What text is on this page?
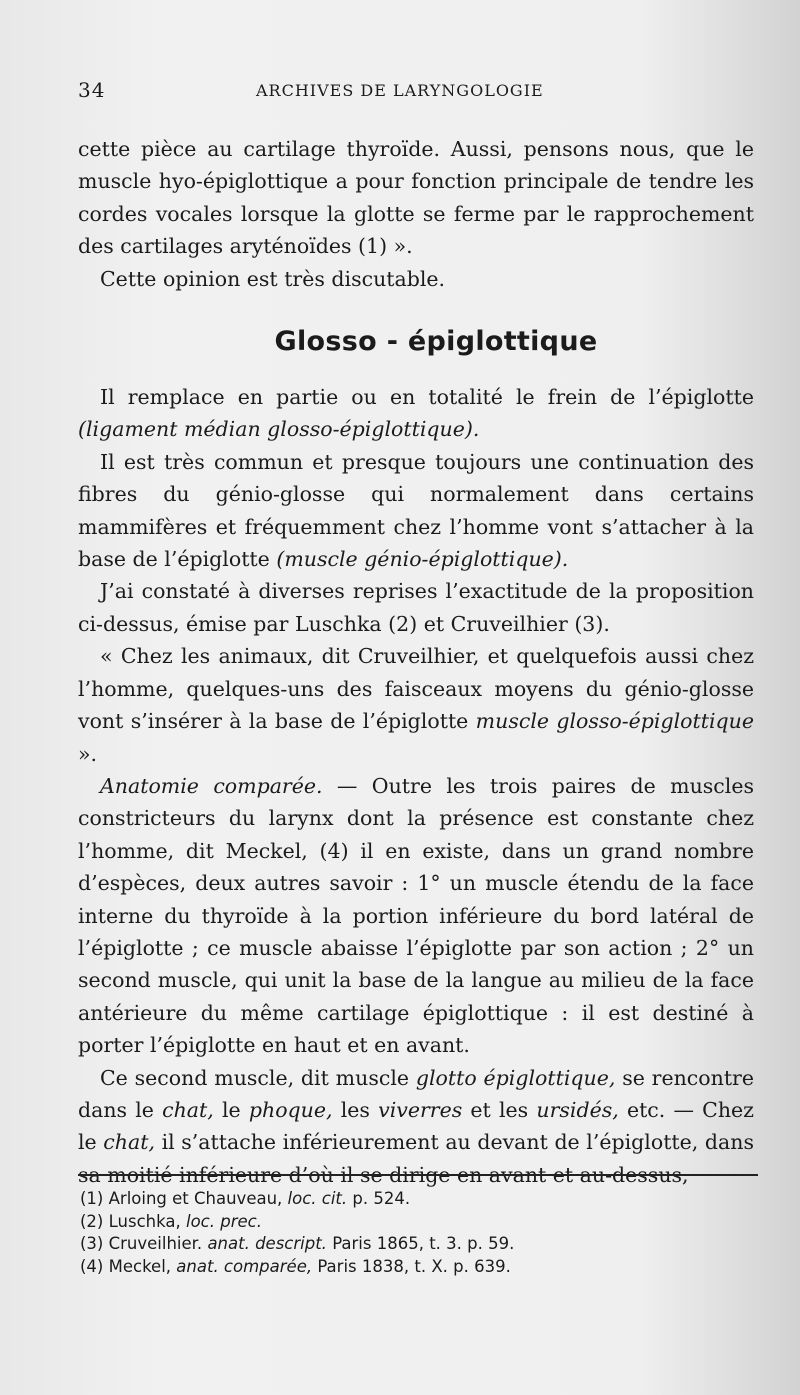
34	ARCHIVES DE LARYNGOLOGIE

cette pièce au cartilage thyroïde. Aussi, pensons nous, que le muscle hyo-épiglottique a pour fonction principale de tendre les cordes vocales lorsque la glotte se ferme par le rapprochement des cartilages aryténoïdes (1) ».

Cette opinion est très discutable.

Glosso - épiglottique

Il remplace en partie ou en totalité le frein de l’épiglotte (ligament médian glosso-épiglottique).

Il est très commun et presque toujours une continuation des fibres du génio-glosse qui normalement dans certains mammifères et fréquemment chez l’homme vont s’attacher à la base de l’épiglotte (muscle génio-épiglottique).

J’ai constaté à diverses reprises l’exactitude de la proposition ci-dessus, émise par Luschka (2) et Cruveilhier (3).

« Chez les animaux, dit Cruveilhier, et quelquefois aussi chez l’homme, quelques-uns des faisceaux moyens du génio-glosse vont s’insérer à la base de l’épiglotte muscle glosso-épiglottique ».

Anatomie comparée. — Outre les trois paires de muscles constricteurs du larynx dont la présence est constante chez l’homme, dit Meckel, (4) il en existe, dans un grand nombre d’espèces, deux autres savoir : 1° un muscle étendu de la face interne du thyroïde à la portion inférieure du bord latéral de l’épiglotte ; ce muscle abaisse l’épiglotte par son action ; 2° un second muscle, qui unit la base de la langue au milieu de la face antérieure du même cartilage épiglottique : il est destiné à porter l’épiglotte en haut et en avant.

Ce second muscle, dit muscle glotto épiglottique, se rencontre dans le chat, le phoque, les viverres et les ursidés, etc. — Chez le chat, il s’attache inférieurement au devant de l’épiglotte, dans sa moitié inférieure d’où il se dirige en avant et au-dessus,

(1) Arloing et Chauveau, loc. cit. p. 524.
(2) Luschka, loc. prec.
(3) Cruveilhier. anat. descript. Paris 1865, t. 3. p. 59.
(4) Meckel, anat. comparée, Paris 1838, t. X. p. 639.
